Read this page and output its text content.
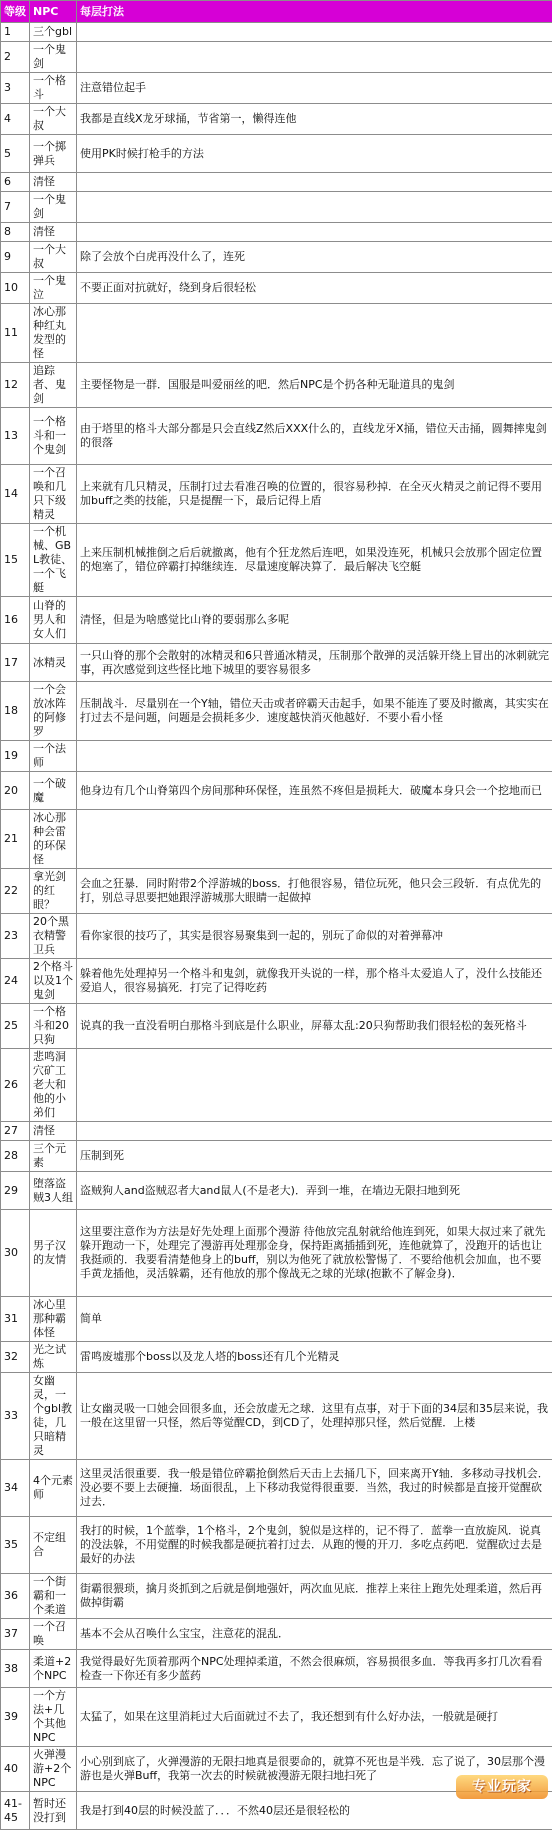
等级	NPC	每层打法
1	三个gbl	
2	一个鬼剑	
3	一个格斗	注意错位起手
4	一个大叔	我都是直线X龙牙球捅，节省第一，懒得连他
5	一个掷弹兵	使用PK时候打枪手的方法
6	清怪	
7	一个鬼剑	
8	清怪	
9	一个大叔	除了会放个白虎再没什么了，连死
10	一个鬼泣	不要正面对抗就好，绕到身后很轻松
11	冰心那种红丸发型的怪	
12	追踪者、鬼剑	主要怪物是一群．国服是叫爱丽丝的吧．然后NPC是个扔各种无耻道具的鬼剑
13	一个格斗和一个鬼剑	由于塔里的格斗大部分都是只会直线Z然后XXX什么的，直线龙牙X捅，错位天击捅，圆舞摔鬼剑的很落
14	一个召唤和几只下级精灵	上来就有几只精灵，压制打过去看准召唤的位置的，很容易秒掉．在全灭火精灵之前记得不要用加buff之类的技能，只是提醒一下，最后记得上盾
15	一个机械、GBL教徒、一个飞艇	上来压制机械推倒之后后就撤离，他有个狂龙然后连吧，如果没连死，机械只会放那个固定位置的炮塞了，错位碎霸打掉继续连．尽量速度解决算了．最后解决飞空艇
16	山脊的男人和女人们	清怪，但是为啥感觉比山脊的要弱那么多呢
17	冰精灵	一只山脊的那个会散射的冰精灵和6只普通冰精灵，压制那个散弹的灵活躲开绕上冒出的冰刺就完事，再次感觉到这些怪比地下城里的要容易很多
18	一个会放冰阵的阿修罗	压制战斗．尽量别在一个Y轴，错位天击或者碎霸天击起手，如果不能连了要及时撤离，其实实在打过去不是问题，问题是会损耗多少．速度越快消灭他越好．不要小看小怪
19	一个法师	
20	一个破魔	他身边有几个山脊第四个房间那种环保怪，连虽然不疼但是损耗大．破魔本身只会一个挖地而已
21	冰心那种会雷的环保怪	
22	拿光剑的红眼？	会血之狂暴．同时附带2个浮游城的boss．打他很容易，错位玩死，他只会三段斩．有点优先的打，别总寻思要把她跟浮游城那大眼睛一起做掉
23	20个黑衣精警卫兵	看你家很的技巧了，其实是很容易聚集到一起的，别玩了命似的对着弹幕冲
24	2个格斗以及1个鬼剑	躲着他先处理掉另一个格斗和鬼剑，就像我开头说的一样，那个格斗太爱追人了，没什么技能还爱追人，很容易搞死．打完了记得吃药
25	一个格斗和20只狗	说真的我一直没看明白那格斗到底是什么职业，屏幕太乱:20只狗帮助我们很轻松的轰死格斗
26	悲鸣洞穴矿工老大和他的小弟们	
27	清怪	
28	三个元素	压制到死
29	堕落盗贼3人组	盗贼狗人and盗贼忍者大and鼠人(不是老大)．弄到一堆，在墙边无限扫地到死
30	男子汉的友情	这里要注意作为方法是好先处理上面那个漫游 待他放完乱射就给他连到死，如果大叔过来了就先躲开跑动一下，处理完了漫游再处理那金身，保持距离插插到死，连他就算了，没跑开的话也让我挺顽的．我要看清楚他身上的buff，别以为他死了就放松警惕了．不要给他机会加血，也不要手黄龙插他，灵活躲霸，还有他放的那个像战无之球的光球(抱歉不了解金身)．
31	冰心里那种霸体怪	简单
32	光之试炼	雷鸣废墟那个boss以及龙人塔的boss还有几个光精灵
33	女幽灵，一个gbl教徒，几只暗精灵	让女幽灵吸一口她会回很多血，还会放虚无之球．这里有点事，对于下面的34层和35层来说，我一般在这里留一只怪，然后等觉醒CD，到CD了，处理掉那只怪，然后觉醒．上楼
34	4个元素师	这里灵活很重要．我一般是错位碎霸抢倒然后天击上去捅几下，回来离开Y轴．多移动寻找机会．没必要不要上去硬撞．场面很乱，上下移动我觉得很重要．当然，我过的时候都是直接开觉醒砍过去．
35	不定组合	我打的时候，1个蓝拳，1个格斗，2个鬼剑，貌似是这样的，记不得了．蓝拳一直放旋风．说真的没法躲，不用觉醒的时候我都是硬抗着打过去．从跑的慢的开刀．多吃点药吧．觉醒砍过去是最好的办法
36	一个街霸和一个柔道	街霸很猥琐，擒月炎抓到之后就是倒地强奸，两次血见底．推荐上来往上跑先处理柔道，然后再做掉街霸
37	一个召唤	基本不会从召唤什么宝宝，注意花的混乱．
38	柔道+2个NPC	我觉得最好先顶着那两个NPC处理掉柔道，不然会很麻烦，容易损很多血．等我再多打几次看看 检查一下你还有多少蓝药
39	一个方法+几个其他NPC	太猛了，如果在这里消耗过大后面就过不去了，我还想到有什么好办法，一般就是硬打
40	火弹漫游+2个NPC	小心别到底了，火弹漫游的无限扫地真是很要命的，就算不死也是半残．忘了说了，30层那个漫游也是火弹Buff，我第一次去的时候就被漫游无限扫地扫死了
41-45	暂时还没打到	我是打到40层的时候没蓝了．．．不然40层还是很轻松的
专业玩家
